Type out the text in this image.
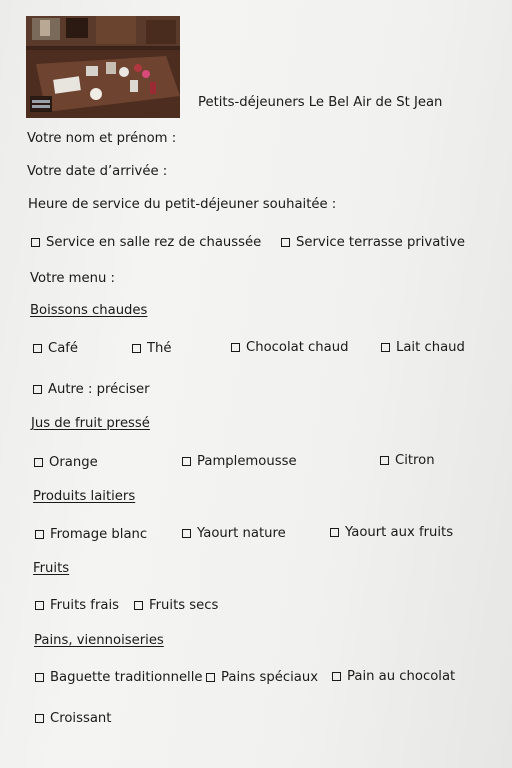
Petits-déjeuners Le Bel Air de St Jean
Votre nom et prénom :
Votre date d’arrivée :
Heure de service du petit-déjeuner souhaitée :
Service en salle rez de chaussée	Service terrasse privative
Votre menu :
Boissons chaudes
Café	Thé	Chocolat chaud	Lait chaud
Autre : préciser
Jus de fruit pressé
Orange	Pamplemousse	Citron
Produits laitiers
Fromage blanc	Yaourt nature	Yaourt aux fruits
Fruits
Fruits frais Fruits secs
Pains, viennoiseries
Baguette traditionnelle Pains spéciaux Pain au chocolat
Croissant
